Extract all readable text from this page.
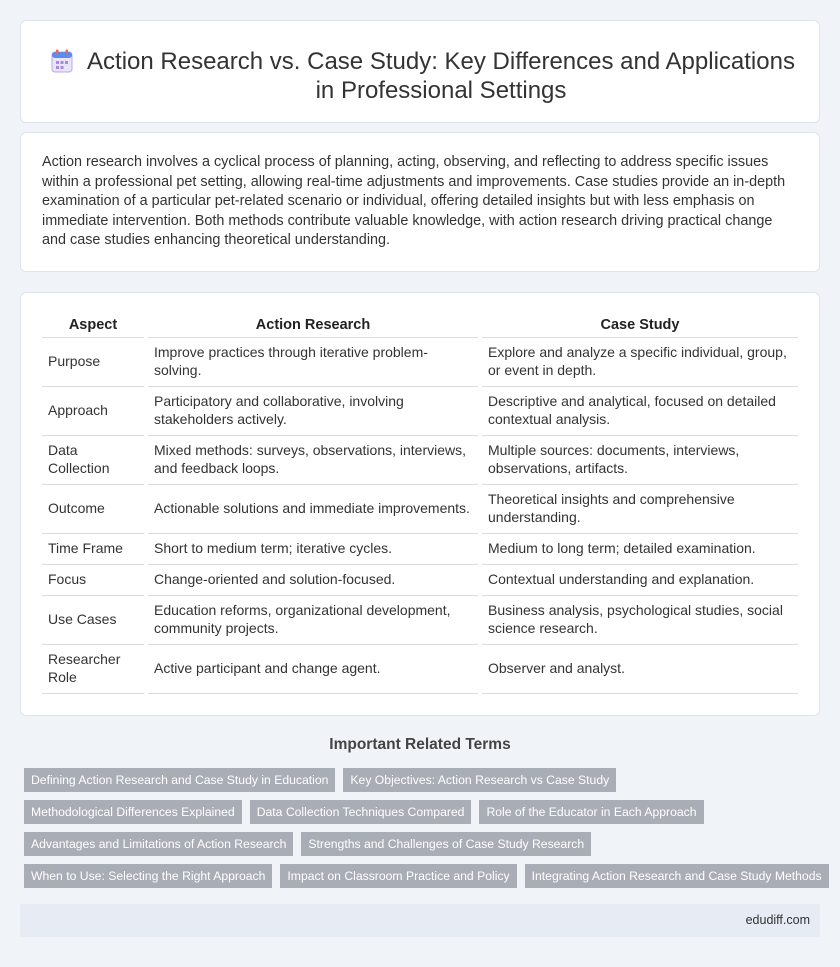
Action Research vs. Case Study: Key Differences and Applications in Professional Settings

Action research involves a cyclical process of planning, acting, observing, and reflecting to address specific issues within a professional pet setting, allowing real-time adjustments and improvements. Case studies provide an in-depth examination of a particular pet-related scenario or individual, offering detailed insights but with less emphasis on immediate intervention. Both methods contribute valuable knowledge, with action research driving practical change and case studies enhancing theoretical understanding.

Aspect	Action Research	Case Study
Purpose	Improve practices through iterative problem-solving.	Explore and analyze a specific individual, group, or event in depth.
Approach	Participatory and collaborative, involving stakeholders actively.	Descriptive and analytical, focused on detailed contextual analysis.
Data Collection	Mixed methods: surveys, observations, interviews, and feedback loops.	Multiple sources: documents, interviews, observations, artifacts.
Outcome	Actionable solutions and immediate improvements.	Theoretical insights and comprehensive understanding.
Time Frame	Short to medium term; iterative cycles.	Medium to long term; detailed examination.
Focus	Change-oriented and solution-focused.	Contextual understanding and explanation.
Use Cases	Education reforms, organizational development, community projects.	Business analysis, psychological studies, social science research.
Researcher Role	Active participant and change agent.	Observer and analyst.
Important Related Terms
Defining Action Research and Case Study in Education	Key Objectives: Action Research vs Case Study
Methodological Differences Explained	Data Collection Techniques Compared	Role of the Educator in Each Approach
Advantages and Limitations of Action Research	Strengths and Challenges of Case Study Research
When to Use: Selecting the Right Approach	Impact on Classroom Practice and Policy	Integrating Action Research and Case Study Methods
edudiff.com
